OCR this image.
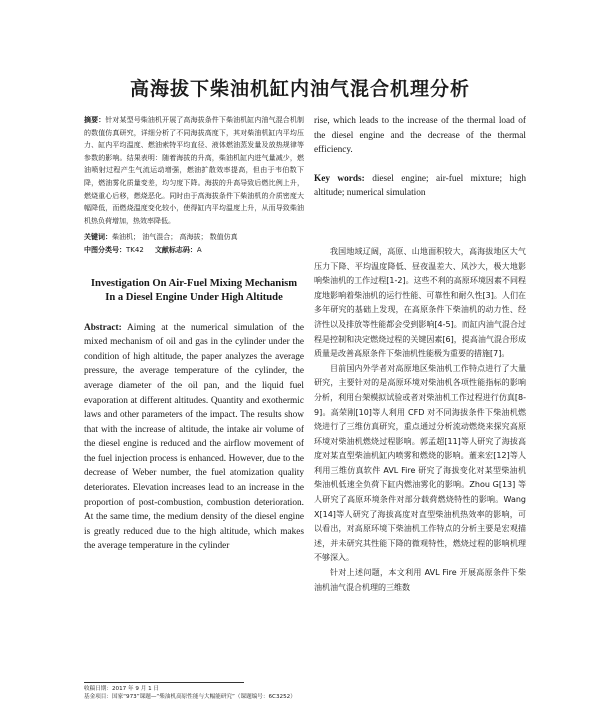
高海拔下柴油机缸内油气混合机理分析
摘要：针对某型号柴油机开展了高海拔条件下柴油机缸内油气混合机制的数值仿真研究，详细分析了不同海拔高度下，其对柴油机缸内平均压力、缸内平均温度、燃油索特平均直径、液体燃油蒸发量及放热规律等参数的影响。结果表明：随着海拔的升高，柴油机缸内进气量减少，燃油喷射过程产生气流运动增强，燃油扩散效率提高，但由于韦伯数下降，燃油雾化质量变差，均匀度下降。海拔的升高导致后燃比例上升，燃烧重心后移，燃烧恶化。同时由于高海拔条件下柴油机的介质密度大幅降低，而燃烧温度变化较小，使得缸内平均温度上升，从而导致柴油机热负荷增加，热效率降低。
关键词：柴油机； 油气混合； 高海拔； 数值仿真
中图分类号：TK42 文献标志码：A
Investigation On Air-Fuel Mixing Mechanism In a Diesel Engine Under High Altitude
Abstract: Aiming at the numerical simulation of the mixed mechanism of oil and gas in the cylinder under the condition of high altitude, the paper analyzes the average pressure, the average temperature of the cylinder, the average diameter of the oil pan, and the liquid fuel evaporation at different altitudes. Quantity and exothermic laws and other parameters of the impact. The results show that with the increase of altitude, the intake air volume of the diesel engine is reduced and the airflow movement of the fuel injection process is enhanced. However, due to the decrease of Weber number, the fuel atomization quality deteriorates. Elevation increases lead to an increase in the proportion of post-combustion, combustion deterioration. At the same time, the medium density of the diesel engine is greatly reduced due to the high altitude, which makes the average temperature in the cylinder
rise, which leads to the increase of the thermal load of the diesel engine and the decrease of the thermal efficiency.
Key words: diesel engine; air-fuel mixture; high altitude; numerical simulation

我国地域辽阔，高原、山地面积较大，高海拔地区大气压力下降、平均温度降低、昼夜温差大、风沙大，极大地影响柴油机的工作过程[1-2]。这些不利的高原环境因素不同程度地影响着柴油机的运行性能、可靠性和耐久性[3]。人们在多年研究的基础上发现，在高原条件下柴油机的动力性、经济性以及排放等性能都会受到影响[4-5]。而缸内油气混合过程是控制和决定燃烧过程的关键因素[6]，提高油气混合形成质量是改善高原条件下柴油机性能极为重要的措施[7]。

目前国内外学者对高原地区柴油机工作特点进行了大量研究，主要针对的是高原环境对柴油机各项性能指标的影响分析，利用台架模拟试验或者对柴油机工作过程进行仿真[8-9]。高荣刚[10]等人利用 CFD 对不同海拔条件下柴油机燃烧进行了三维仿真研究，重点通过分析流动燃烧来探究高原环境对柴油机燃烧过程影响。郭孟超[11]等人研究了海拔高度对某直型柴油机缸内喷雾和燃烧的影响。董来宏[12]等人利用三维仿真软件 AVL Fire 研究了海拔变化对某型柴油机柴油机低速全负荷下缸内燃油雾化的影响。Zhou G[13] 等人研究了高原环境条件对部分载荷燃烧特性的影响。Wang X[14]等人研究了海拔高度对直型柴油机热效率的影响，可以看出，对高原环境下柴油机工作特点的分析主要是宏观描述，并未研究其性能下降的微观特性，燃烧过程的影响机理不够深入。

针对上述问题，本文利用 AVL Fire 开展高原条件下柴油机油气混合机理的三维数

收稿日期：2017 年 9 月 1 日
基金项目：国家“973”课题—“柴油机高原性能与大幅能研究”（课题编号：6C3252）
